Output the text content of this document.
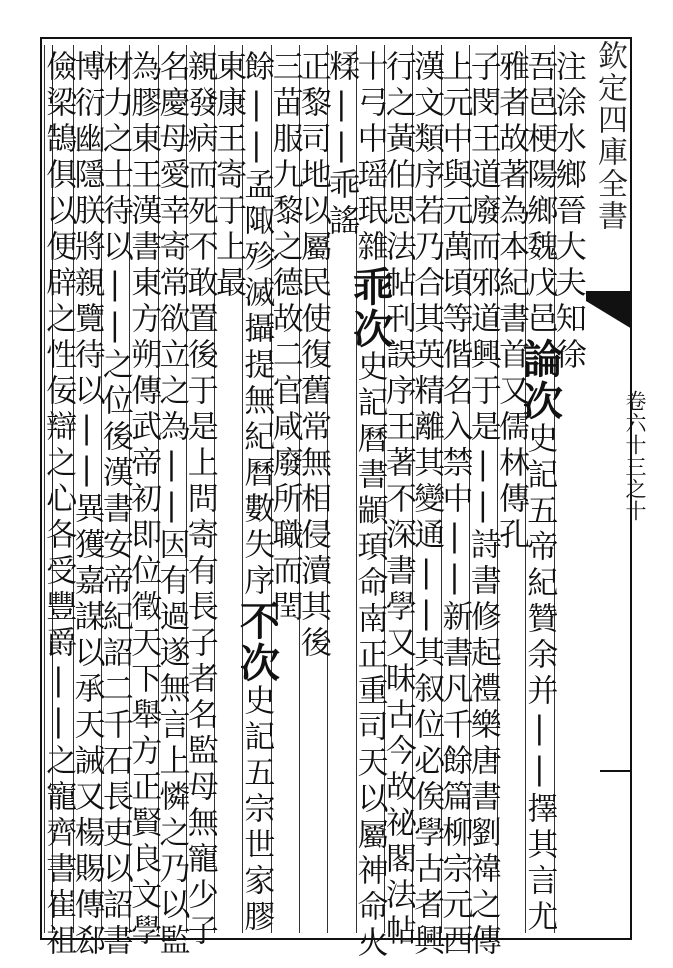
欽定四庫全書
卷六十三之十
注涂水鄉晉大夫知徐
吾邑梗陽鄉魏戊邑論次史記五帝紀贊余并||擇其言尤
雅者故著為本紀書首又儒林傳孔
子閔王道廢而邪道興于是||詩書修起禮樂唐書劉禕之傳
上元中與元萬頃等偕名入禁中||新書凡千餘篇柳宗元西
漢文類序若乃合其英精離其變通||其叙位必俟學古者興
行之黃伯思法帖刊誤序王著不深書學又昧古今故祕閣法帖
十弓中瑶珉雜乖次史記曆書顓頊命南正重司天以屬神命火
糅||乖謠
正黎司地以屬民使復舊常無相侵瀆其後
三苗服九黎之德故二官咸廢所職而閏
餘||孟陬殄滅攝提無紀曆數失序不次史記五宗世家膠
東康王寄于上最
親發病而死不敢置後于是上問寄有長子者名監母無寵少子
名慶母愛幸寄常欲立之為||因有過遂無言上憐之乃以監
為膠東王漢書東方朔傳武帝初即位徵天下舉方正賢良文學
材力之士待以||之位後漢書安帝紀詔二千石長吏以詔書
博衍幽隱朕將親覽待以||異獲嘉謀以承天誡又楊賜傳郄
儉梁鵠俱以便辟之性佞辯之心各受豐爵||之寵齊書崔祖
